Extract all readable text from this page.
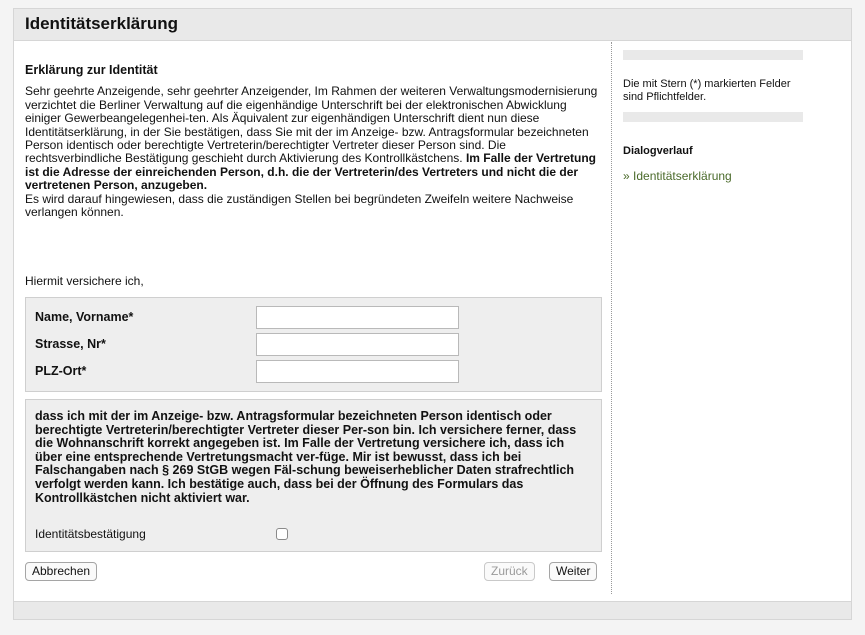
Identitätserklärung
Erklärung zur Identität
Sehr geehrte Anzeigende, sehr geehrter Anzeigender, Im Rahmen der weiteren Verwaltungsmodernisierung verzichtet die Berliner Verwaltung auf die eigenhändige Unterschrift bei der elektronischen Abwicklung einiger Gewerbeangelegenhei-ten. Als Äquivalent zur eigenhändigen Unterschrift dient nun diese Identitätserklärung, in der Sie bestätigen, dass Sie mit der im Anzeige- bzw. Antragsformular bezeichneten Person identisch oder berechtigte Vertreterin/berechtigter Vertreter dieser Person sind. Die rechtsverbindliche Bestätigung geschieht durch Aktivierung des Kontrollkästchens. Im Falle der Vertretung ist die Adresse der einreichenden Person, d.h. die der Vertreterin/des Vertreters und nicht die der vertretenen Person, anzugeben.

Es wird darauf hingewiesen, dass die zuständigen Stellen bei begründeten Zweifeln weitere Nachweise verlangen können.

Hiermit versichere ich,
Name, Vorname*
Strasse, Nr*
PLZ-Ort*
dass ich mit der im Anzeige- bzw. Antragsformular bezeichneten Person identisch oder berechtigte Vertreterin/berechtigter Vertreter dieser Per-son bin. Ich versichere ferner, dass die Wohnanschrift korrekt angegeben ist. Im Falle der Vertretung versichere ich, dass ich über eine entsprechende Vertretungsmacht ver-füge. Mir ist bewusst, dass ich bei Falschangaben nach § 269 StGB wegen Fäl-schung beweiserheblicher Daten strafrechtlich verfolgt werden kann. Ich bestätige auch, dass bei der Öffnung des Formulars das Kontrollkästchen nicht aktiviert war.
Identitätsbestätigung
Abbrechen	Zurück	Weiter
Die mit Stern (*) markierten Felder sind Pflichtfelder.
Dialogverlauf
» Identitätserklärung
